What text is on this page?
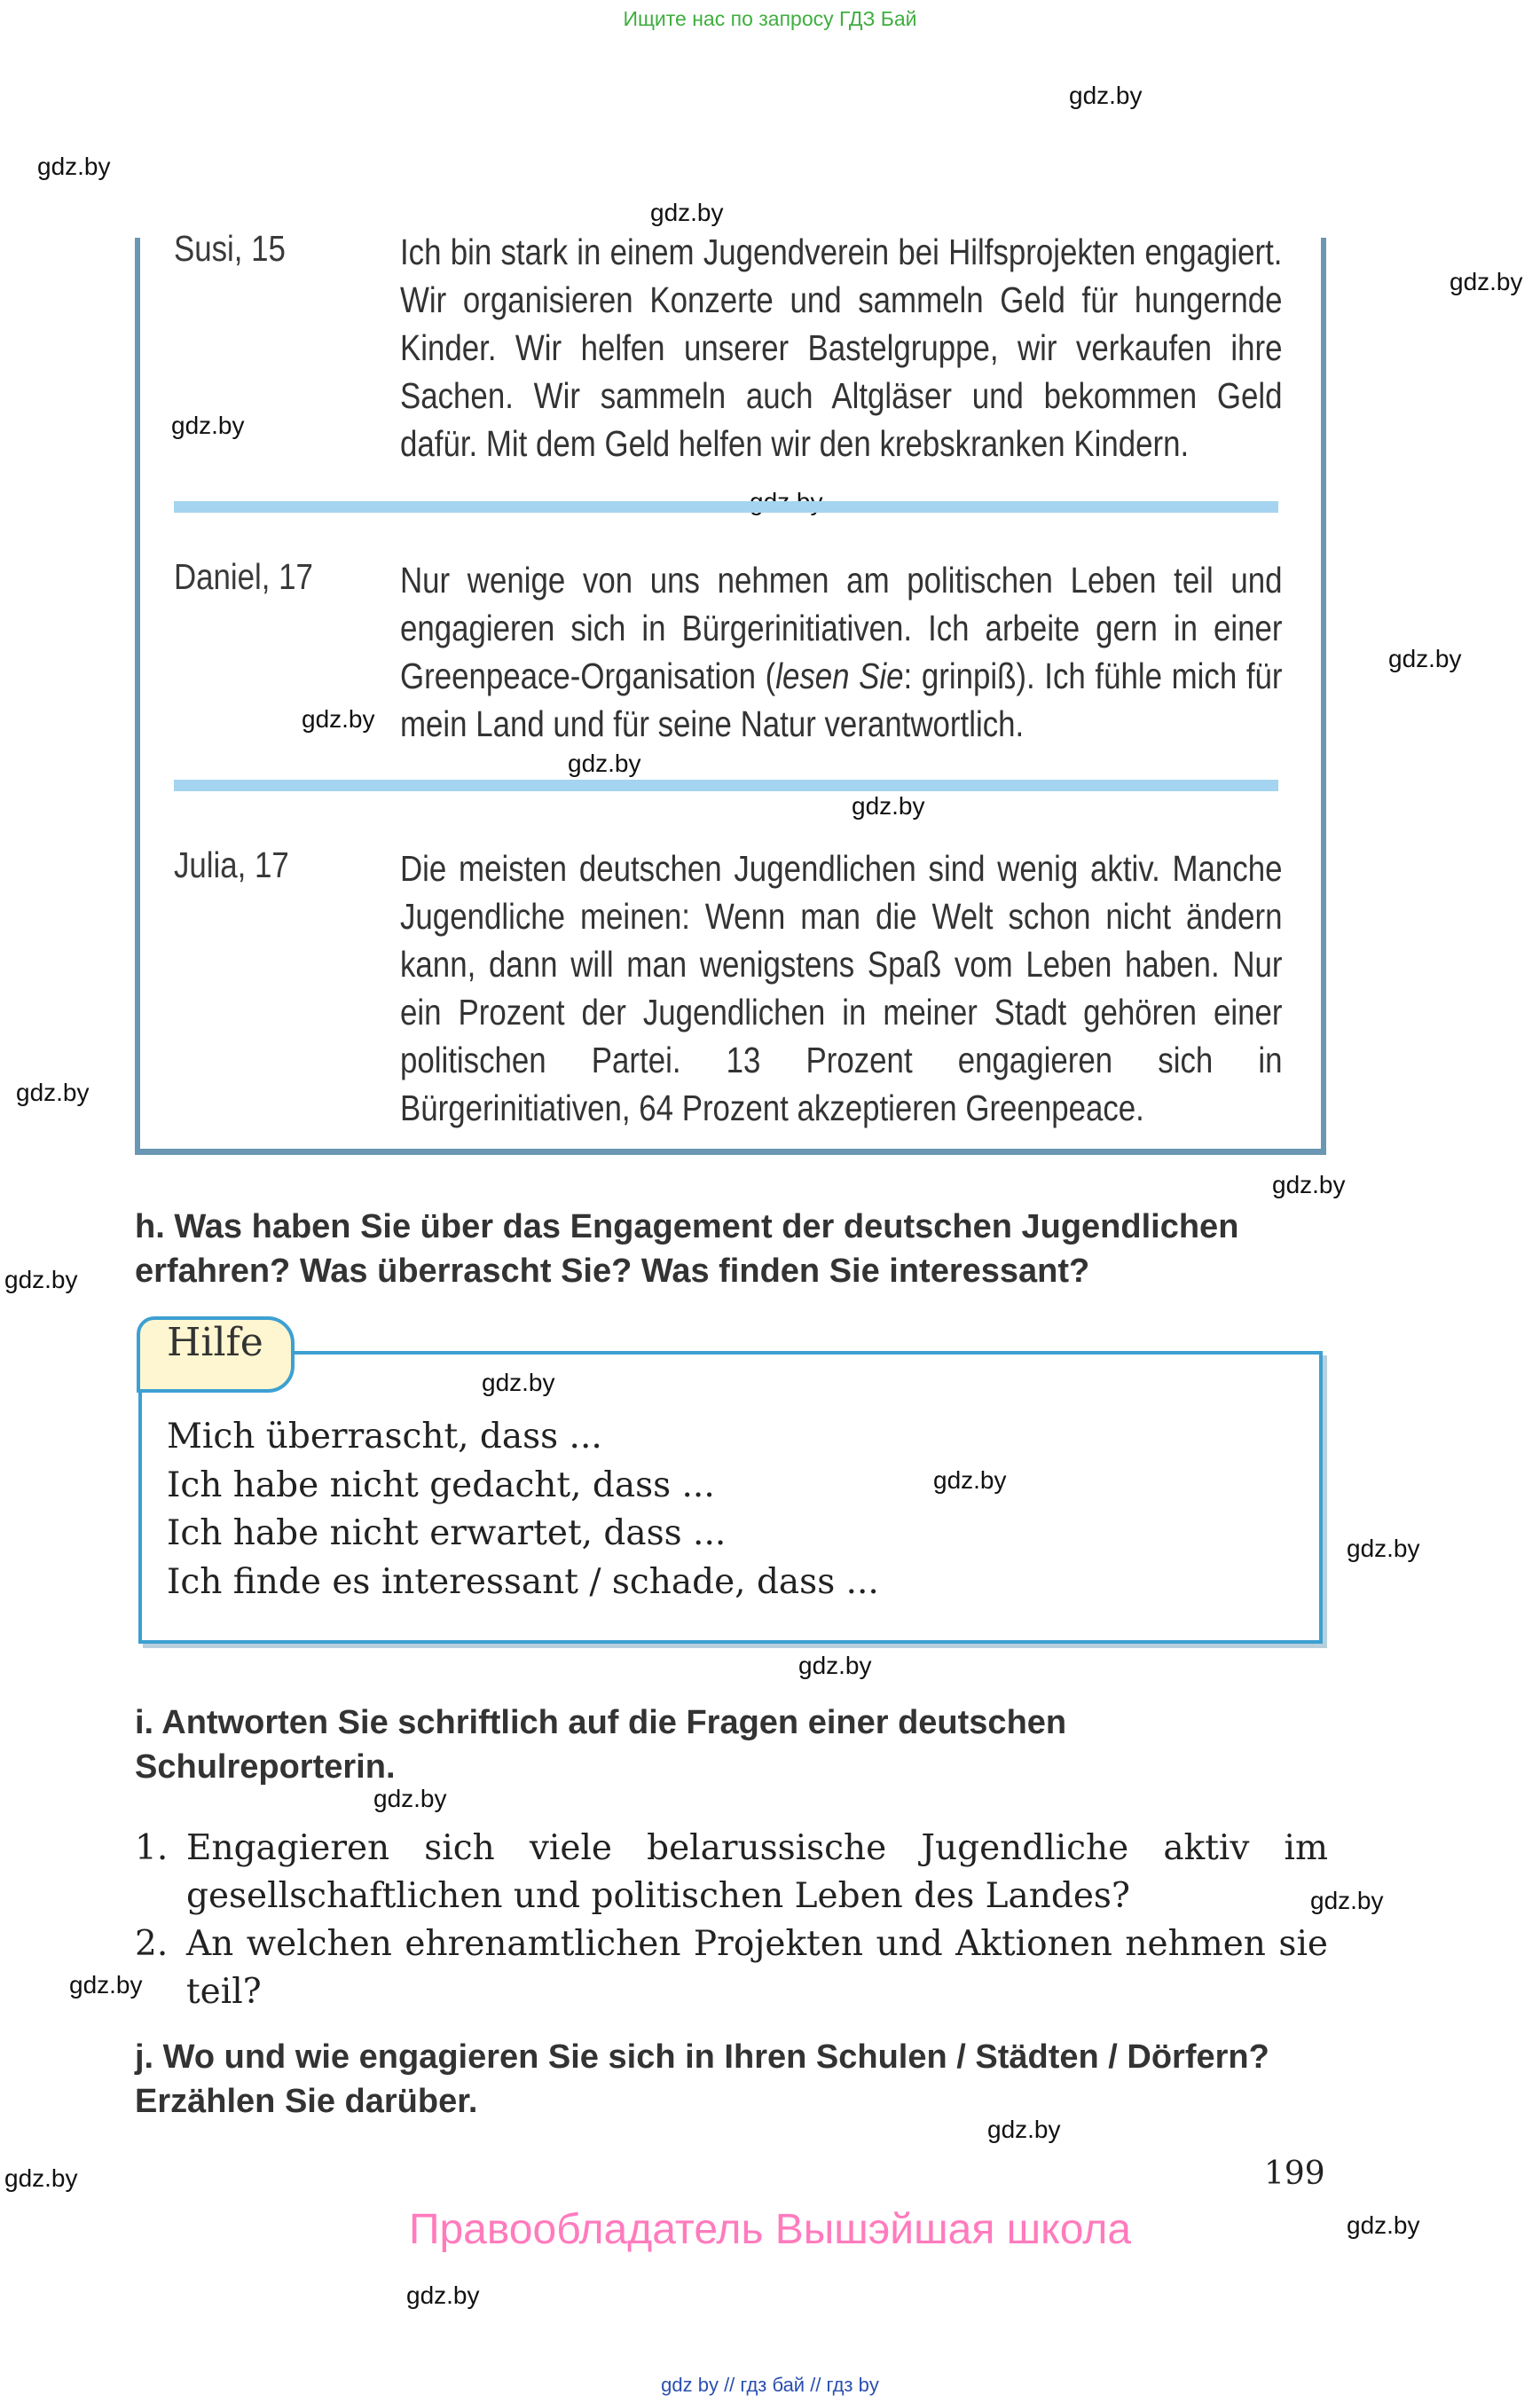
Ищите нас по запросу ГДЗ Бай
gdz.by
gdz.by
gdz.by
gdz.by
gdz.by
gdz.by
gdz.by
gdz.by
gdz.by
gdz.by
gdz.by
gdz.by
gdz.by
gdz.by
gdz.by
gdz.by
gdz.by
gdz.by
gdz.by
gdz.by
gdz.by
gdz.by
gdz.by
Susi, 15	Ich bin stark in einem Jugendverein bei Hilfsprojekten engagiert. Wir organisieren Konzerte und sammeln Geld für hungernde Kinder. Wir helfen unserer Bastelgruppe, wir verkaufen ihre Sachen. Wir sammeln auch Altgläser und bekommen Geld dafür. Mit dem Geld helfen wir den krebskranken Kindern.
Daniel, 17 Nur wenige von uns nehmen am politischen Leben teil und engagieren sich in Bürgerinitiativen. Ich arbeite gern in einer Greenpeace-Organisation (lesen Sie: grinpiß). Ich fühle mich für mein Land und für seine Natur verantwortlich.
Julia, 17	Die meisten deutschen Jugendlichen sind wenig aktiv. Manche Jugendliche meinen: Wenn man die Welt schon nicht ändern kann, dann will man wenigstens Spaß vom Leben haben. Nur ein Prozent der Jugendlichen in meiner Stadt gehören einer politischen Partei. 13 Prozent engagieren sich in Bürgerinitiativen, 64 Prozent akzeptieren Greenpeace.
h. Was haben Sie über das Engagement der deutschen Jugendlichen erfahren? Was überrascht Sie? Was finden Sie interessant?
Hilfe
Mich überrascht, dass ...
Ich habe nicht gedacht, dass ...
Ich habe nicht erwartet, dass ...
Ich finde es interessant / schade, dass ...
i. Antworten Sie schriftlich auf die Fragen einer deutschen Schulreporterin.
1. Engagieren sich viele belarussische Jugendliche aktiv im gesellschaftlichen und politischen Leben des Landes?
2. An welchen ehrenamtlichen Projekten und Aktionen nehmen sie teil?
j. Wo und wie engagieren Sie sich in Ihren Schulen / Städten / Dörfern? Erzählen Sie darüber.
199
Правообладатель Вышэйшая школа
gdz by // гдз бай // гдз by
